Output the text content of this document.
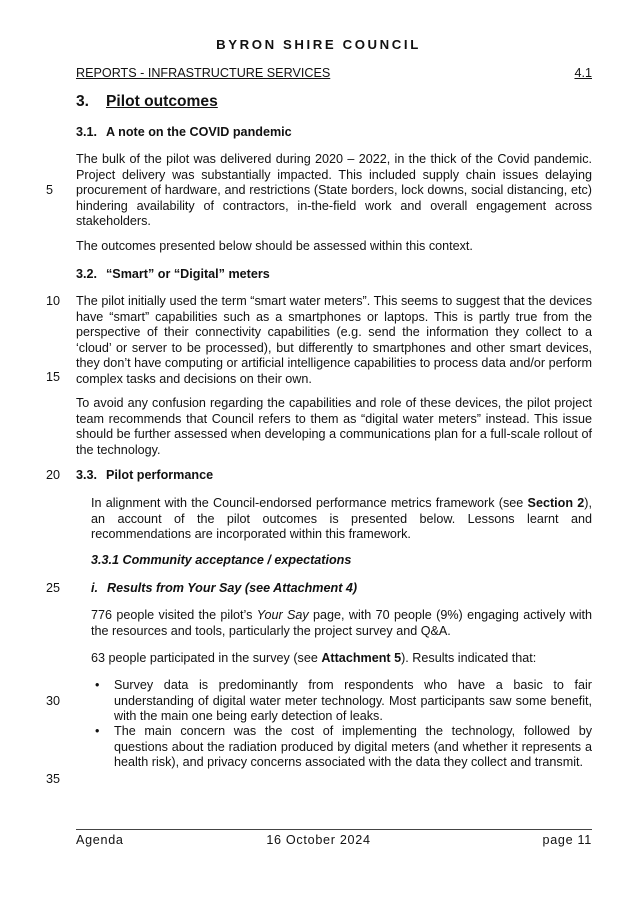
BYRON SHIRE COUNCIL
REPORTS - INFRASTRUCTURE SERVICES	4.1
3. Pilot outcomes
3.1. A note on the COVID pandemic
The bulk of the pilot was delivered during 2020 – 2022, in the thick of the Covid pandemic. Project delivery was substantially impacted. This included supply chain issues delaying procurement of hardware, and restrictions (State borders, lock downs, social distancing, etc) hindering availability of contractors, in-the-field work and overall engagement across stakeholders.
The outcomes presented below should be assessed within this context.
3.2. “Smart” or “Digital” meters
The pilot initially used the term “smart water meters”. This seems to suggest that the devices have “smart” capabilities such as a smartphones or laptops. This is partly true from the perspective of their connectivity capabilities (e.g. send the information they collect to a ‘cloud’ or server to be processed), but differently to smartphones and other smart devices, they don’t have computing or artificial intelligence capabilities to process data and/or perform complex tasks and decisions on their own.
To avoid any confusion regarding the capabilities and role of these devices, the pilot project team recommends that Council refers to them as “digital water meters” instead. This issue should be further assessed when developing a communications plan for a full-scale rollout of the technology.
3.3. Pilot performance
In alignment with the Council-endorsed performance metrics framework (see Section 2), an account of the pilot outcomes is presented below. Lessons learnt and recommendations are incorporated within this framework.
3.3.1 Community acceptance / expectations
i. Results from Your Say (see Attachment 4)
776 people visited the pilot’s Your Say page, with 70 people (9%) engaging actively with the resources and tools, particularly the project survey and Q&A.
63 people participated in the survey (see Attachment 5). Results indicated that:
• Survey data is predominantly from respondents who have a basic to fair understanding of digital water meter technology. Most participants saw some benefit, with the main one being early detection of leaks.
• The main concern was the cost of implementing the technology, followed by questions about the radiation produced by digital meters (and whether it represents a health risk), and privacy concerns associated with the data they collect and transmit.
5
10
15
20
25
30
35
Agenda	16 October 2024	page 11
